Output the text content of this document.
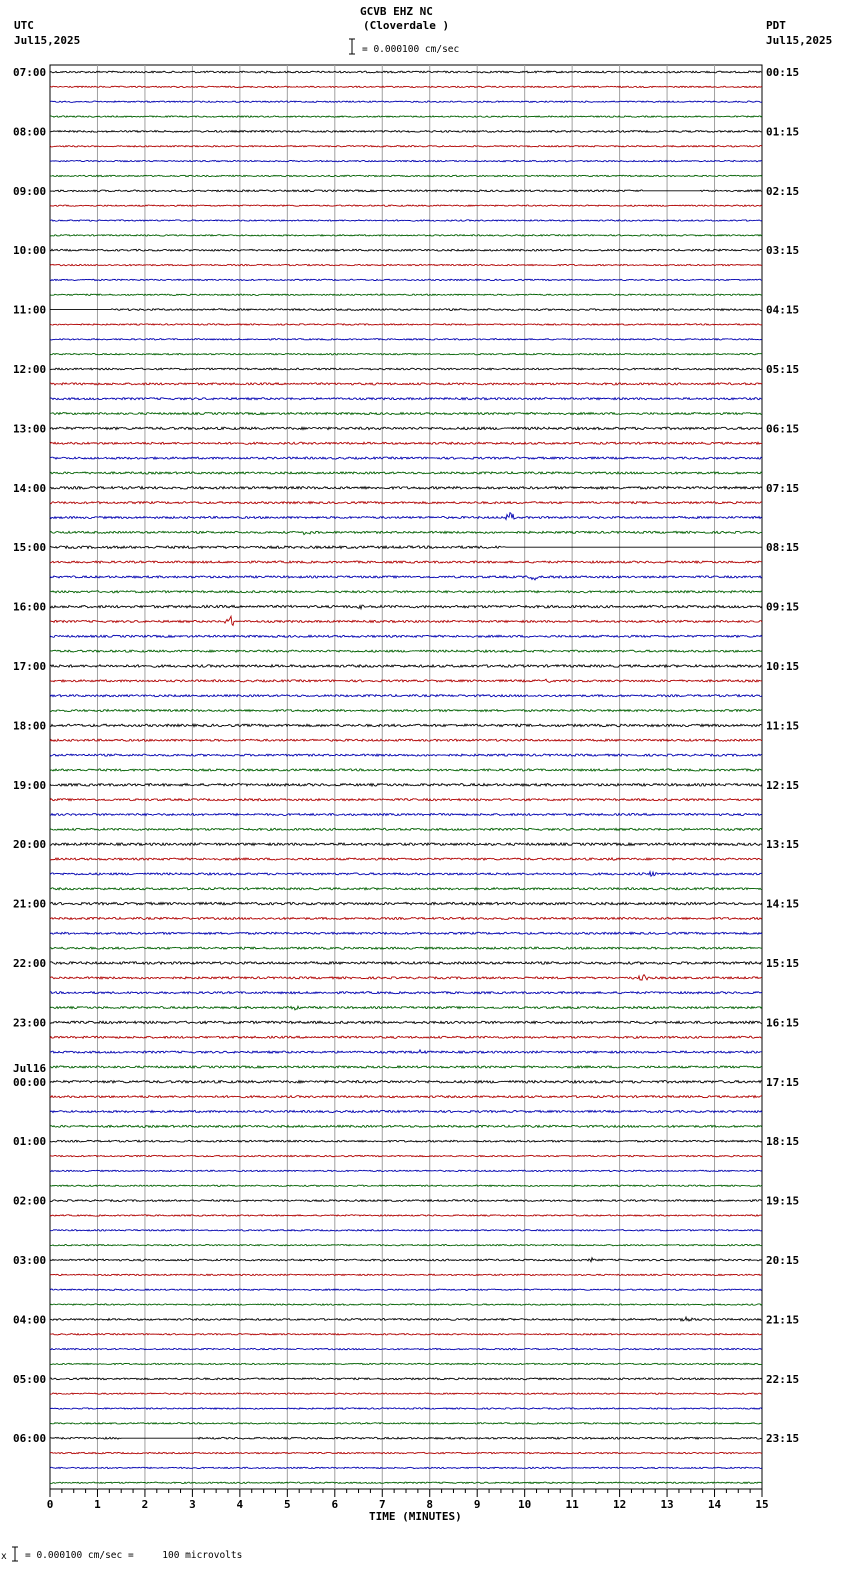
0	1	2	3	4	5	6	7	8	9	10	11	12	13	14	15
07:00
08:00
09:00
10:00
11:00
12:00
13:00
14:00
15:00
16:00
17:00
18:00
19:00
20:00
21:00
22:00
23:00
00:00
01:00
02:00
03:00
04:00
05:00
06:00
Jul16
00:15
01:15
02:15
03:15
04:15
05:15
06:15
07:15
08:15
09:15
10:15
11:15
12:15
13:15
14:15
15:15
16:15
17:15
18:15
19:15
20:15
21:15
22:15
23:15
GCVB EHZ NC
(Cloverdale )
= 0.000100 cm/sec
UTC
Jul15,2025
PDT
Jul15,2025
TIME (MINUTES)
= 0.000100 cm/sec =     100 microvolts
x
